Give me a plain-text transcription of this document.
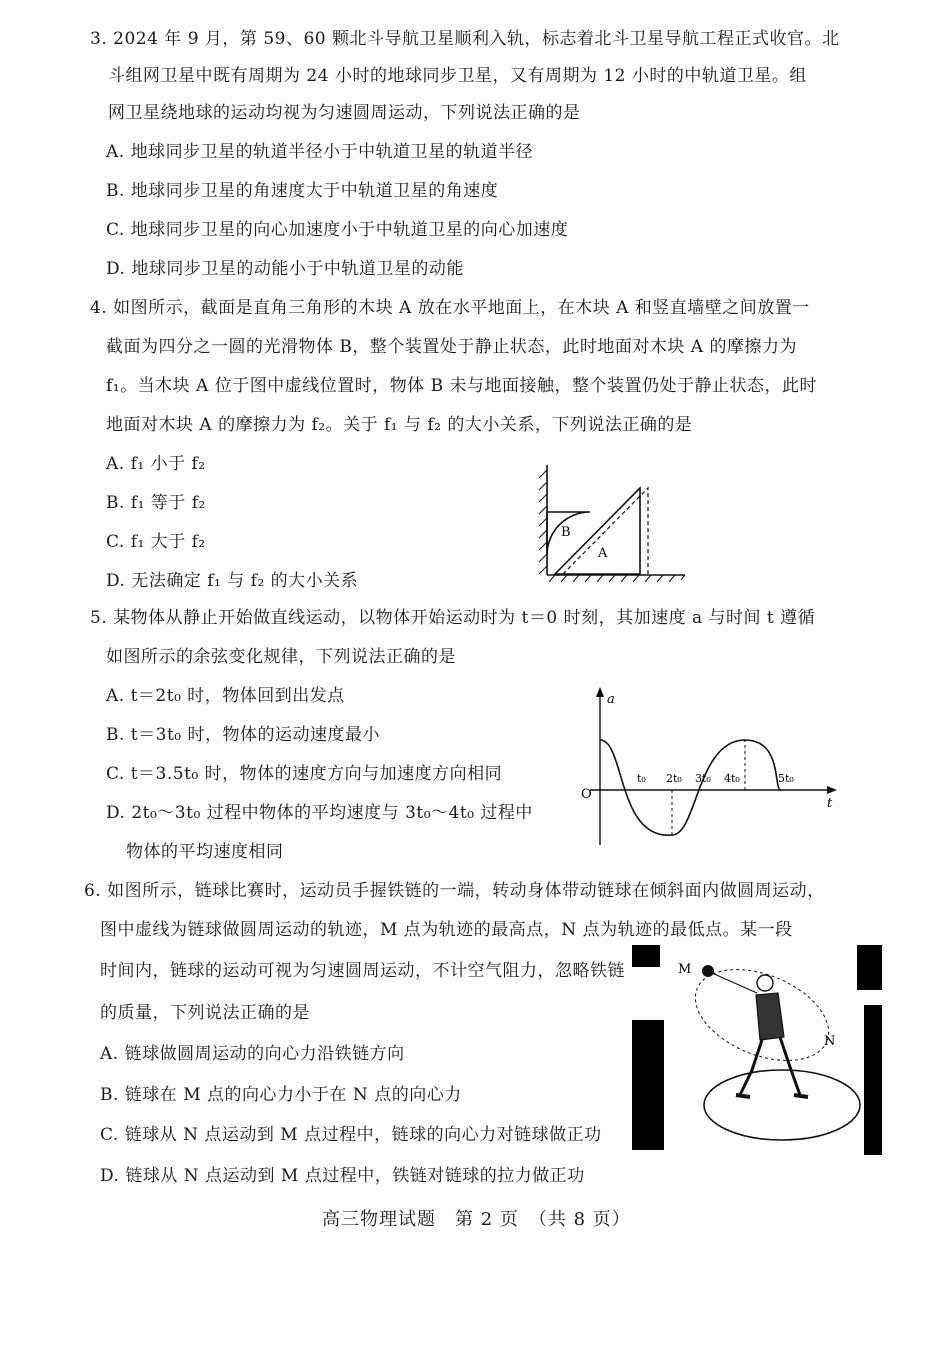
3. 2024 年 9 月，第 59、60 颗北斗导航卫星顺利入轨，标志着北斗卫星导航工程正式收官。北
斗组网卫星中既有周期为 24 小时的地球同步卫星，又有周期为 12 小时的中轨道卫星。组
网卫星绕地球的运动均视为匀速圆周运动，下列说法正确的是
A. 地球同步卫星的轨道半径小于中轨道卫星的轨道半径
B. 地球同步卫星的角速度大于中轨道卫星的角速度
C. 地球同步卫星的向心加速度小于中轨道卫星的向心加速度
D. 地球同步卫星的动能小于中轨道卫星的动能
4. 如图所示，截面是直角三角形的木块 A 放在水平地面上，在木块 A 和竖直墙壁之间放置一
截面为四分之一圆的光滑物体 B，整个装置处于静止状态，此时地面对木块 A 的摩擦力为
f₁。当木块 A 位于图中虚线位置时，物体 B 未与地面接触，整个装置仍处于静止状态，此时
地面对木块 A 的摩擦力为 f₂。关于 f₁ 与 f₂ 的大小关系，下列说法正确的是
A. f₁ 小于 f₂
B. f₁ 等于 f₂
C. f₁ 大于 f₂
D. 无法确定 f₁ 与 f₂ 的大小关系
B
A
5. 某物体从静止开始做直线运动，以物体开始运动时为 t＝0 时刻，其加速度 a 与时间 t 遵循
如图所示的余弦变化规律，下列说法正确的是
A. t＝2t₀ 时，物体回到出发点
B. t＝3t₀ 时，物体的运动速度最小
C. t＝3.5t₀ 时，物体的速度方向与加速度方向相同
D. 2t₀～3t₀ 过程中物体的平均速度与 3t₀～4t₀ 过程中
物体的平均速度相同
a
t
O
t₀ 2t₀ 3t₀ 4t₀	5t₀
6. 如图所示，链球比赛时，运动员手握铁链的一端，转动身体带动链球在倾斜面内做圆周运动，
图中虚线为链球做圆周运动的轨迹，M 点为轨迹的最高点，N 点为轨迹的最低点。某一段
时间内，链球的运动可视为匀速圆周运动，不计空气阻力，忽略铁链
的质量，下列说法正确的是
A. 链球做圆周运动的向心力沿铁链方向
B. 链球在 M 点的向心力小于在 N 点的向心力
C. 链球从 N 点运动到 M 点过程中，链球的向心力对链球做正功
D. 链球从 N 点运动到 M 点过程中，铁链对链球的拉力做正功
M
N
高三物理试题　第 2 页　（共 8 页）
